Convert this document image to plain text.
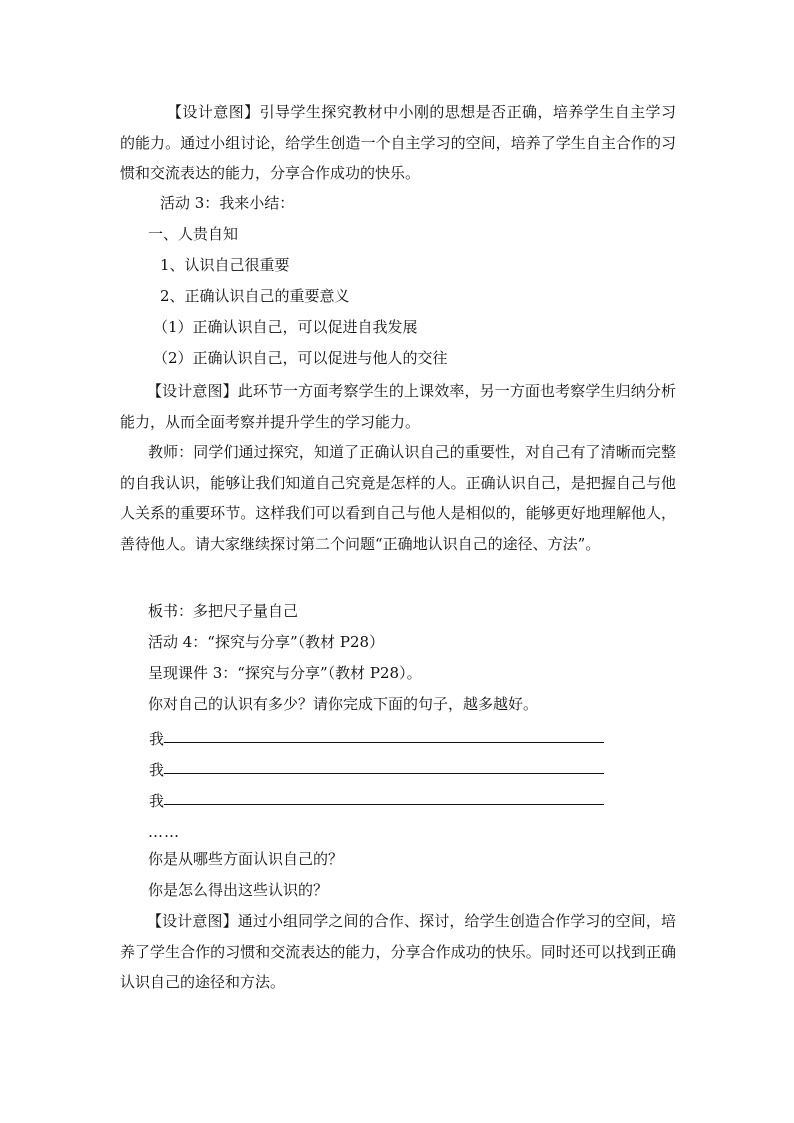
【设计意图】引导学生探究教材中小刚的思想是否正确，培养学生自主学习的能力。通过小组讨论，给学生创造一个自主学习的空间，培养了学生自主合作的习惯和交流表达的能力，分享合作成功的快乐。

活动 3：我来小结：
一、人贵自知
1、认识自己很重要
2、正确认识自己的重要意义
（1）正确认识自己，可以促进自我发展
（2）正确认识自己，可以促进与他人的交往

【设计意图】此环节一方面考察学生的上课效率，另一方面也考察学生归纳分析能力，从而全面考察并提升学生的学习能力。

教师：同学们通过探究，知道了正确认识自己的重要性，对自己有了清晰而完整的自我认识，能够让我们知道自己究竟是怎样的人。正确认识自己，是把握自己与他人关系的重要环节。这样我们可以看到自己与他人是相似的，能够更好地理解他人，善待他人。请大家继续探讨第二个问题“正确地认识自己的途径、方法”。

板书：多把尺子量自己
活动 4：“探究与分享”（教材 P28）
呈现课件 3：“探究与分享”（教材 P28）。
你对自己的认识有多少？请你完成下面的句子，越多越好。
我
我
我
……
你是从哪些方面认识自己的？
你是怎么得出这些认识的？

【设计意图】通过小组同学之间的合作、探讨，给学生创造合作学习的空间，培养了学生合作的习惯和交流表达的能力，分享合作成功的快乐。同时还可以找到正确认识自己的途径和方法。
